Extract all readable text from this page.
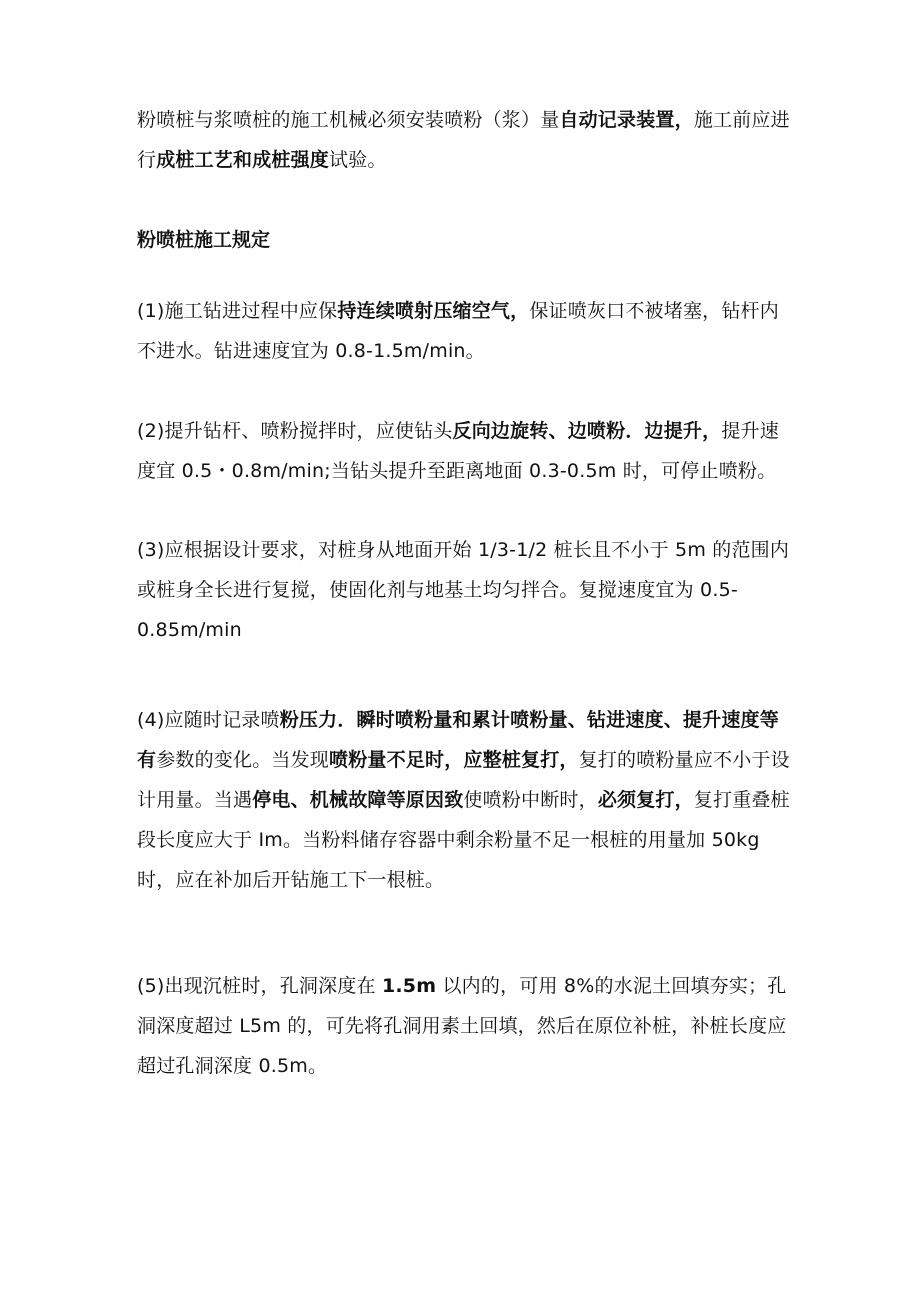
粉喷桩与浆喷桩的施工机械必须安装喷粉（浆）量自动记录装置，施工前应进行成桩工艺和成桩强度试验。

粉喷桩施工规定

(1)施工钻进过程中应保持连续喷射压缩空气，保证喷灰口不被堵塞，钻杆内不进水。钻进速度宜为 0.8-1.5m∕min。

(2)提升钻杆、喷粉搅拌时，应使钻头反向边旋转、边喷粉．边提升，提升速度宜 0.5・0.8m∕min;当钻头提升至距离地面 0.3-0.5m 时，可停止喷粉。

(3)应根据设计要求，对桩身从地面开始 1/3-1/2 桩长且不小于 5m 的范围内或桩身全长进行复搅，使固化剂与地基土均匀拌合。复搅速度宜为 0.5-0.85m∕min

(4)应随时记录喷粉压力．瞬时喷粉量和累计喷粉量、钻进速度、提升速度等有参数的变化。当发现喷粉量不足时，应整桩复打，复打的喷粉量应不小于设计用量。当遇停电、机械故障等原因致使喷粉中断时，必须复打，复打重叠桩段长度应大于 Im。当粉料储存容器中剩余粉量不足一根桩的用量加 50kg 时，应在补加后开钻施工下一根桩。

(5)出现沉桩时，孔洞深度在 1.5m 以内的，可用 8%的水泥土回填夯实；孔洞深度超过 L5m 的，可先将孔洞用素土回填，然后在原位补桩，补桩长度应超过孔洞深度 0.5m。
